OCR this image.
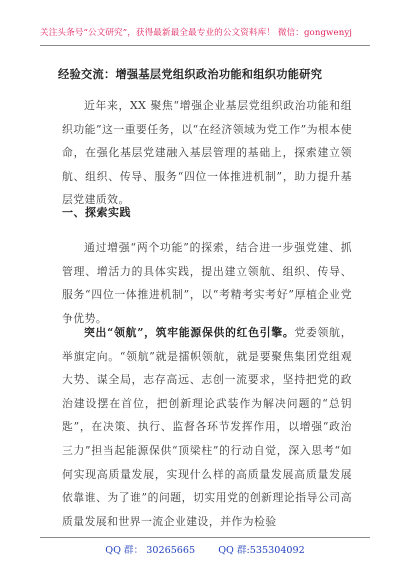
关注头条号“公文研究”，获得最新最全最专业的公文资料库！ 微信：gongwenyj
经验交流：增强基层党组织政治功能和组织功能研究
近年来，XX 聚焦“增强企业基层党组织政治功能和组织功能”这一重要任务，以“在经济领域为党工作”为根本使命，在强化基层党建融入基层管理的基础上，探索建立领航、组织、传导、服务“四位一体推进机制”，助力提升基层党建质效。
一、探索实践
通过增强“两个功能”的探索，结合进一步强党建、抓管理、增活力的具体实践，提出建立领航、组织、传导、服务“四位一体推进机制”，以“考精考实考好”厚植企业党争优势。
突出“领航”，筑牢能源保供的红色引擎。党委领航，举旗定向。“领航”就是擂帜领航，就是要聚焦集团党组观大势、谋全局，志存高远、志创一流要求，坚持把党的政治建设摆在首位，把创新理论武装作为解决问题的“总钥匙”，在决策、执行、监督各环节发挥作用，以增强“政治三力”担当起能源保供“顶梁柱”的行动自觉，深入思考“如何实现高质量发展，实现什么样的高质量发展高质量发展依靠谁、为了谁”的问题，切实用党的创新理论指导公司高质量发展和世界一流企业建设，并作为检验
QQ 群： 30265665 QQ 群:535304092
